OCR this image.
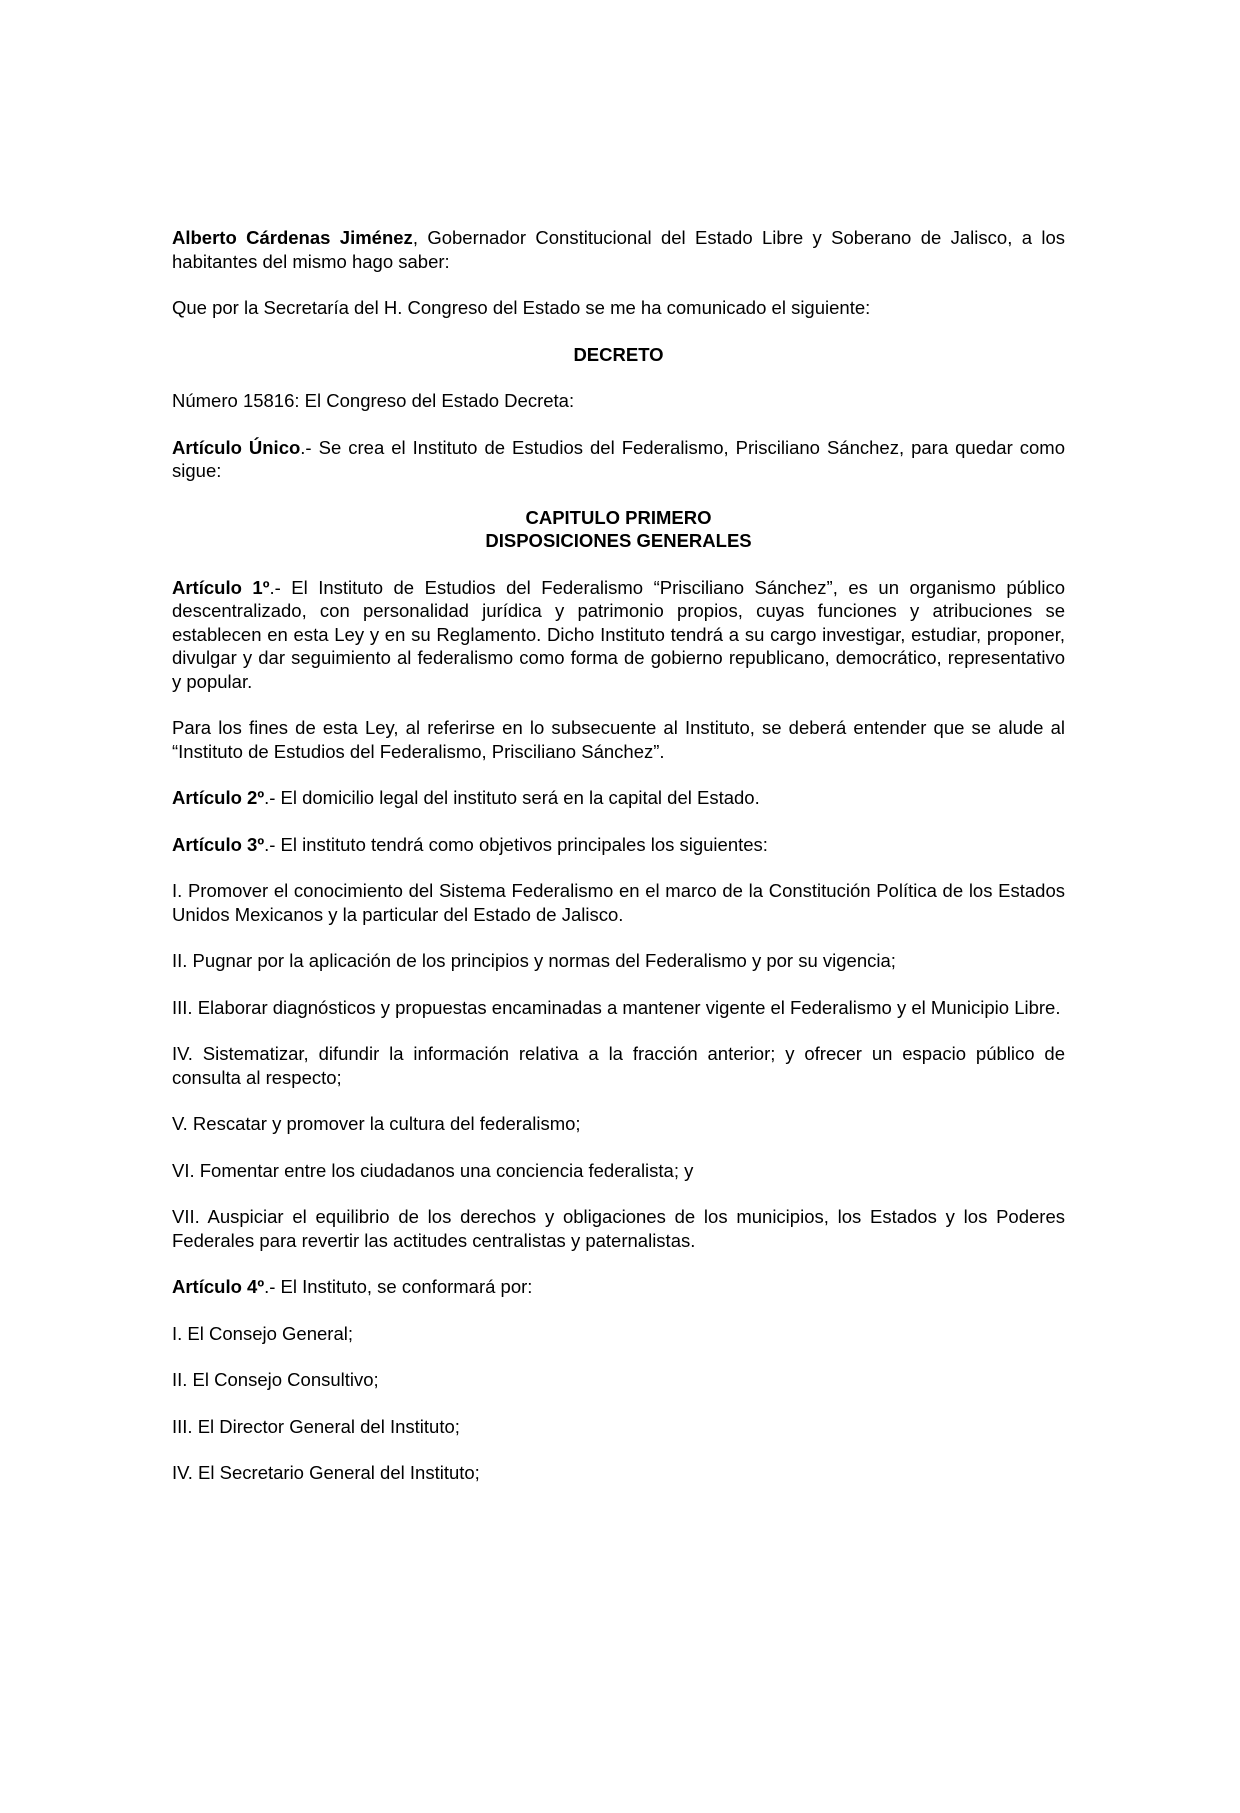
Alberto Cárdenas Jiménez, Gobernador Constitucional del Estado Libre y Soberano de Jalisco, a los habitantes del mismo hago saber:

Que por la Secretaría del H. Congreso del Estado se me ha comunicado el siguiente:

DECRETO

Número 15816: El Congreso del Estado Decreta:

Artículo Único.- Se crea el Instituto de Estudios del Federalismo, Prisciliano Sánchez, para quedar como sigue:

CAPITULO PRIMERO

DISPOSICIONES GENERALES

Artículo 1º.- El Instituto de Estudios del Federalismo “Prisciliano Sánchez”, es un organismo público descentralizado, con personalidad jurídica y patrimonio propios, cuyas funciones y atribuciones se establecen en esta Ley y en su Reglamento. Dicho Instituto tendrá a su cargo investigar, estudiar, proponer, divulgar y dar seguimiento al federalismo como forma de gobierno republicano, democrático, representativo y popular.

Para los fines de esta Ley, al referirse en lo subsecuente al Instituto, se deberá entender que se alude al “Instituto de Estudios del Federalismo, Prisciliano Sánchez”.

Artículo 2º.- El domicilio legal del instituto será en la capital del Estado.

Artículo 3º.- El instituto tendrá como objetivos principales los siguientes:

I. Promover el conocimiento del Sistema Federalismo en el marco de la Constitución Política de los Estados Unidos Mexicanos y la particular del Estado de Jalisco.

II. Pugnar por la aplicación de los principios y normas del Federalismo y por su vigencia;

III. Elaborar diagnósticos y propuestas encaminadas a mantener vigente el Federalismo y el Municipio Libre.

IV. Sistematizar, difundir la información relativa a la fracción anterior; y ofrecer un espacio público de consulta al respecto;

V. Rescatar y promover la cultura del federalismo;

VI. Fomentar entre los ciudadanos una conciencia federalista; y

VII. Auspiciar el equilibrio de los derechos y obligaciones de los municipios, los Estados y los Poderes Federales para revertir las actitudes centralistas y paternalistas.

Artículo 4º.- El Instituto, se conformará por:

I. El Consejo General;

II. El Consejo Consultivo;

III. El Director General del Instituto;

IV. El Secretario General del Instituto;
